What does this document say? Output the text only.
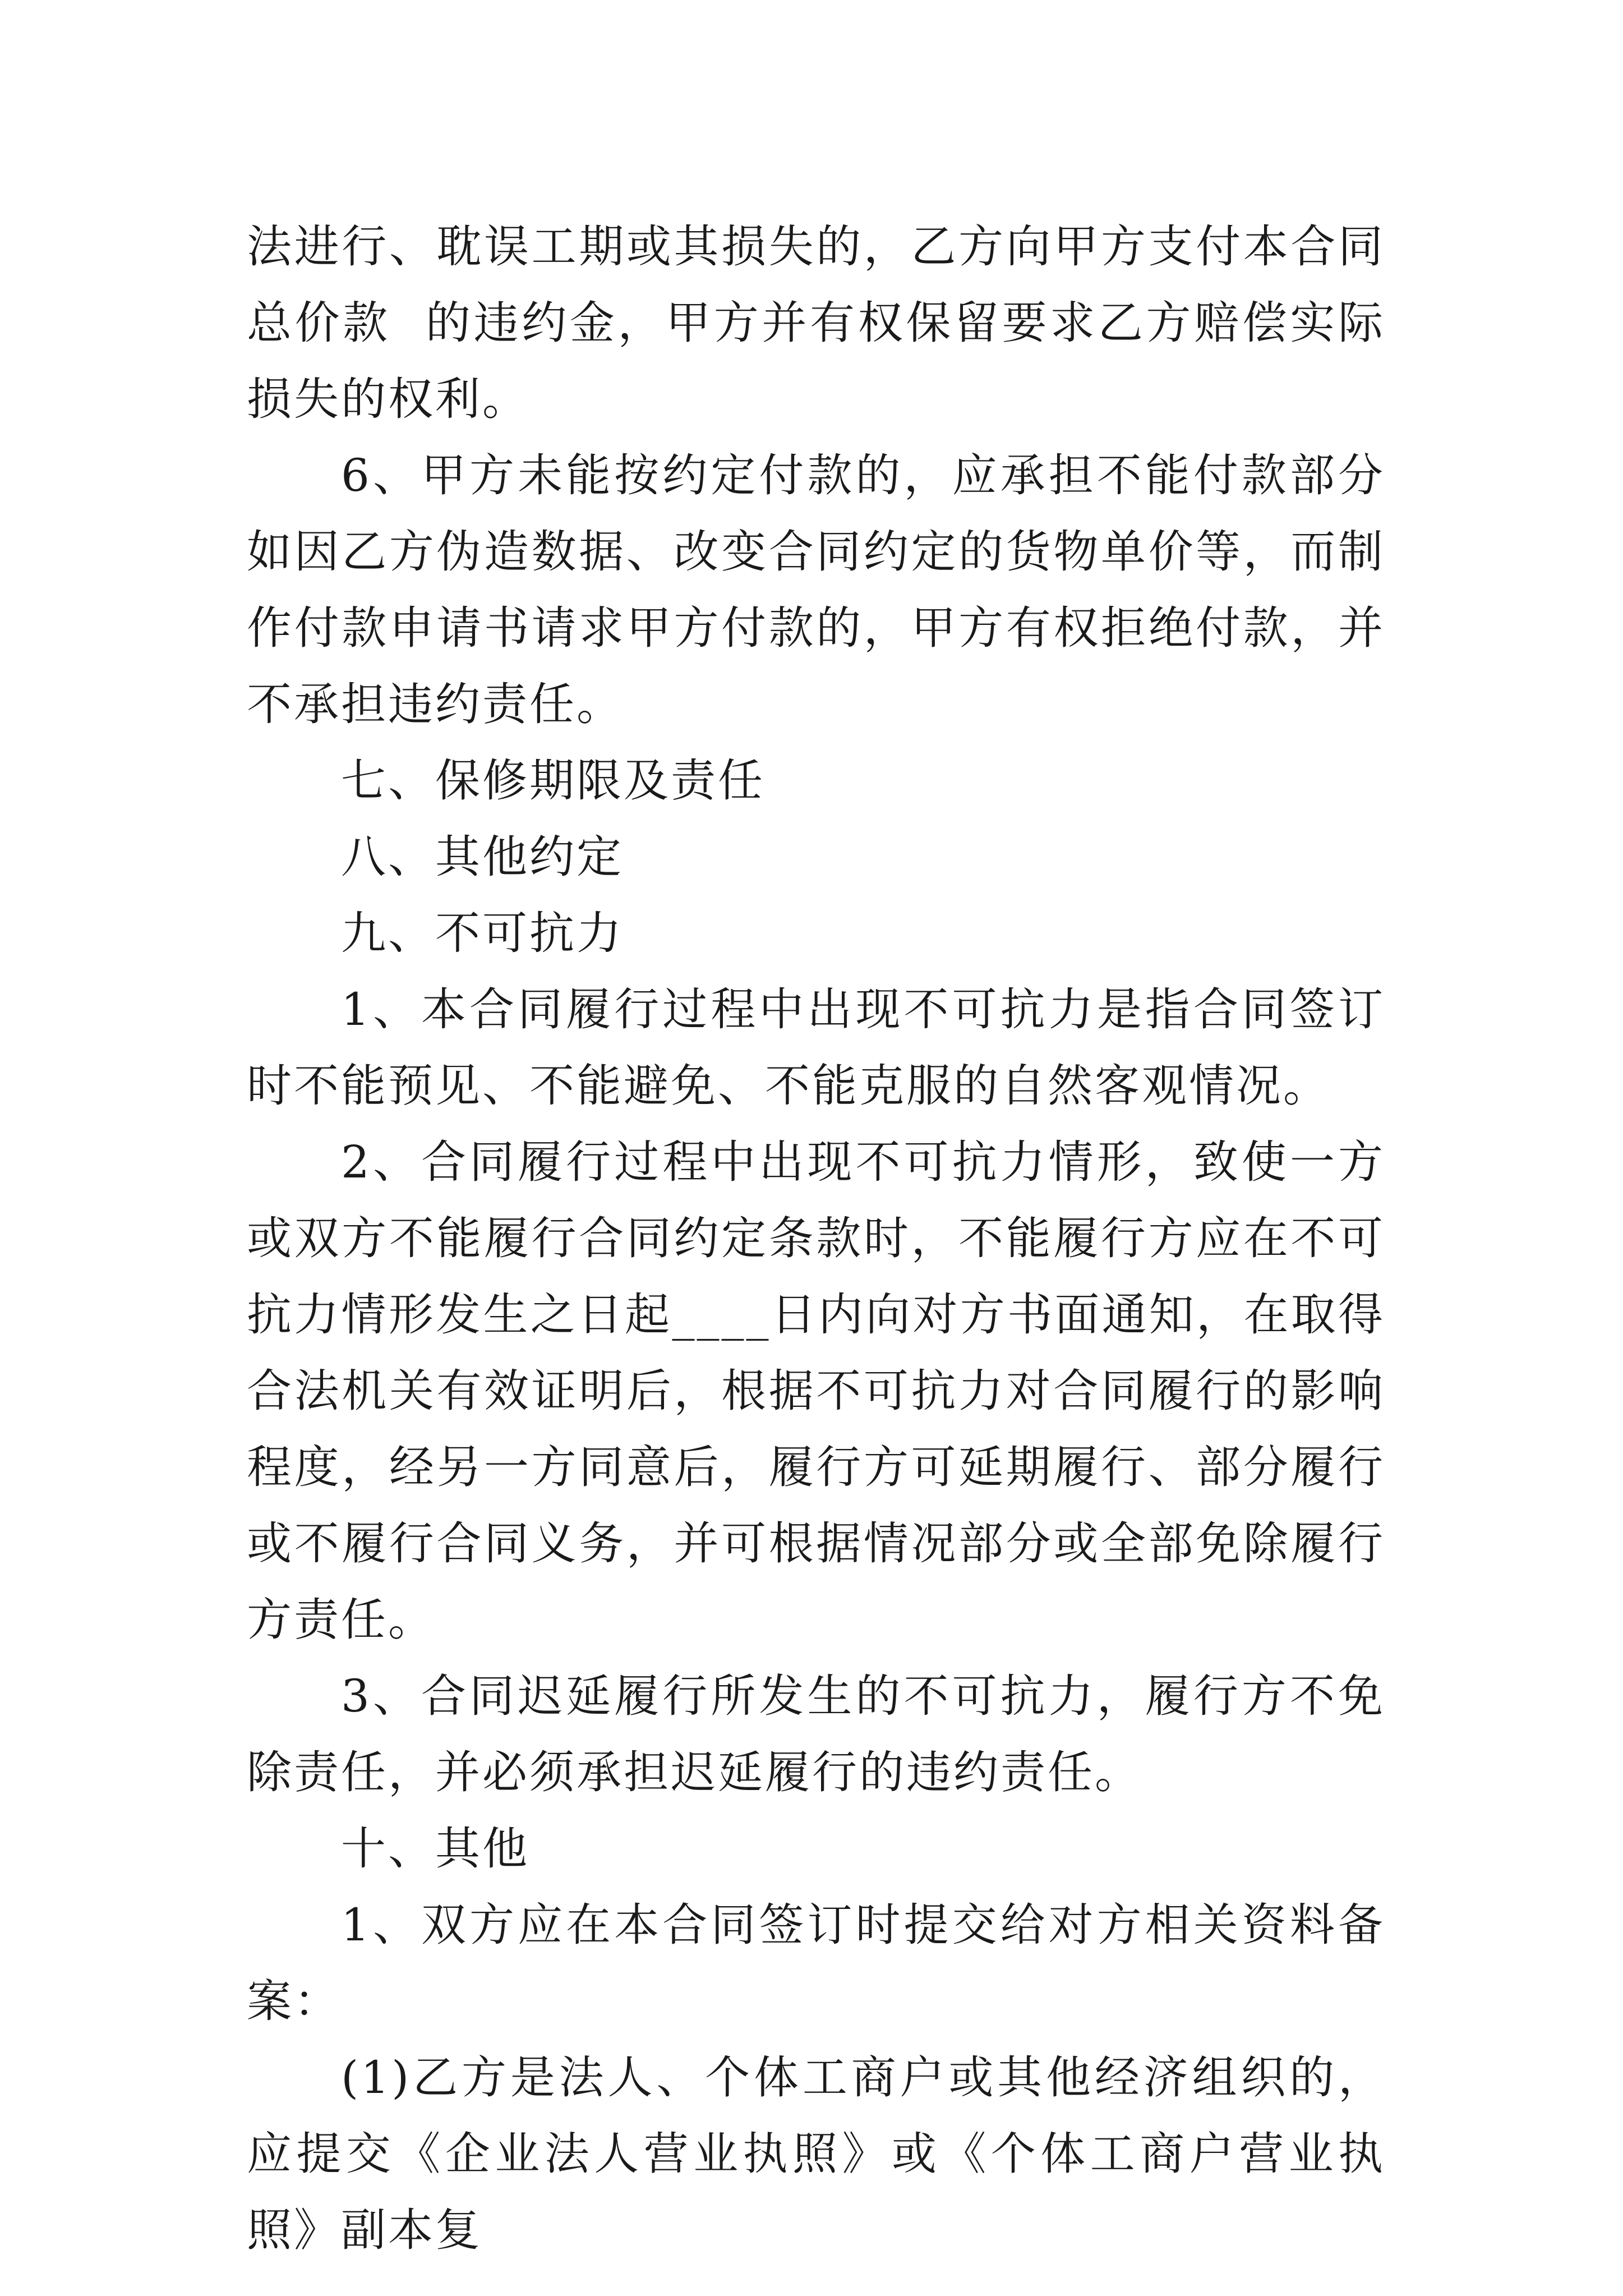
法进行、耽误工期或其损失的，乙方向甲方支付本合同总价款  的违约金，甲方并有权保留要求乙方赔偿实际损失的权利。

6、甲方未能按约定付款的，应承担不能付款部分如因乙方伪造数据、改变合同约定的货物单价等，而制作付款申请书请求甲方付款的，甲方有权拒绝付款，并不承担违约责任。

七、保修期限及责任

八、其他约定

九、不可抗力

1、本合同履行过程中出现不可抗力是指合同签订时不能预见、不能避免、不能克服的自然客观情况。

2、合同履行过程中出现不可抗力情形，致使一方或双方不能履行合同约定条款时，不能履行方应在不可抗力情形发生之日起____日内向对方书面通知，在取得合法机关有效证明后，根据不可抗力对合同履行的影响程度，经另一方同意后，履行方可延期履行、部分履行或不履行合同义务，并可根据情况部分或全部免除履行方责任。

3、合同迟延履行所发生的不可抗力，履行方不免除责任，并必须承担迟延履行的违约责任。

十、其他

1、双方应在本合同签订时提交给对方相关资料备案：

(1)乙方是法人、个体工商户或其他经济组织的，应提交《企业法人营业执照》或《个体工商户营业执照》副本复
